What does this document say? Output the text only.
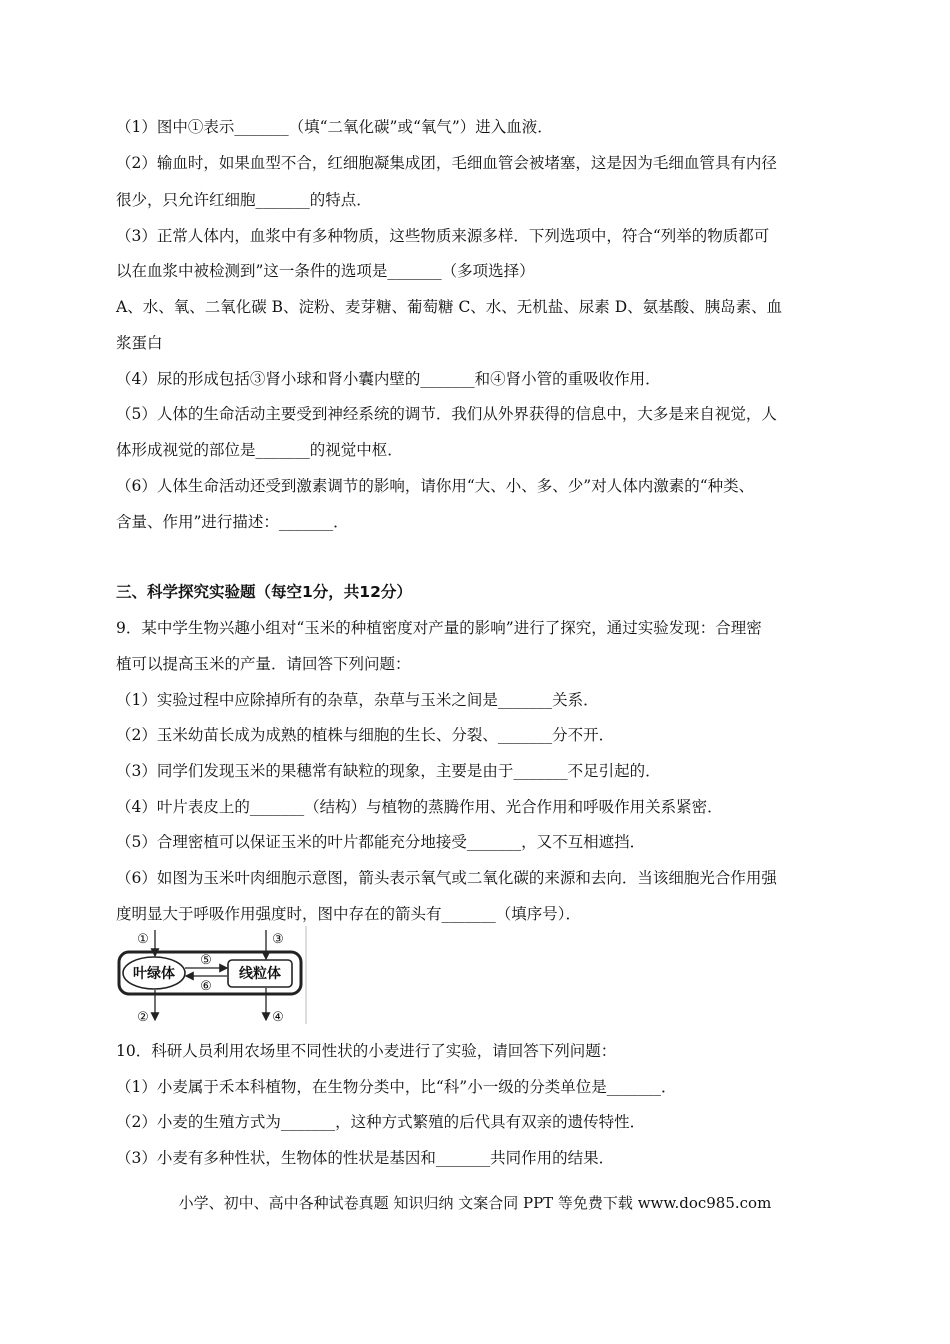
（1）图中①表示_______（填“二氧化碳”或“氧气”）进入血液．
（2）输血时，如果血型不合，红细胞凝集成团，毛细血管会被堵塞，这是因为毛细血管具有内径
很少，只允许红细胞_______的特点．
（3）正常人体内，血浆中有多种物质，这些物质来源多样．下列选项中，符合“列举的物质都可
以在血浆中被检测到”这一条件的选项是_______（多项选择）
A、水、氧、二氧化碳 B、淀粉、麦芽糖、葡萄糖 C、水、无机盐、尿素 D、氨基酸、胰岛素、血
浆蛋白
（4）尿的形成包括③肾小球和肾小囊内壁的_______和④肾小管的重吸收作用．
（5）人体的生命活动主要受到神经系统的调节．我们从外界获得的信息中，大多是来自视觉，人
体形成视觉的部位是_______的视觉中枢．
（6）人体生命活动还受到激素调节的影响，请你用“大、小、多、少”对人体内激素的“种类、
含量、作用”进行描述：_______．
三、科学探究实验题（每空1分，共12分）
9．某中学生物兴趣小组对“玉米的种植密度对产量的影响”进行了探究，通过实验发现：合理密
植可以提高玉米的产量．请回答下列问题：
（1）实验过程中应除掉所有的杂草，杂草与玉米之间是_______关系．
（2）玉米幼苗长成为成熟的植株与细胞的生长、分裂、_______分不开．
（3）同学们发现玉米的果穗常有缺粒的现象，主要是由于_______不足引起的．
（4）叶片表皮上的_______（结构）与植物的蒸腾作用、光合作用和呼吸作用关系紧密．
（5）合理密植可以保证玉米的叶片都能充分地接受_______，又不互相遮挡．
（6）如图为玉米叶肉细胞示意图，箭头表示氧气或二氧化碳的来源和去向．当该细胞光合作用强
度明显大于呼吸作用强度时，图中存在的箭头有_______（填序号）．
叶绿体	线粒体
①
②
③
④
⑤
⑥
10．科研人员利用农场里不同性状的小麦进行了实验，请回答下列问题：
（1）小麦属于禾本科植物，在生物分类中，比“科”小一级的分类单位是_______．
（2）小麦的生殖方式为_______，这种方式繁殖的后代具有双亲的遗传特性．
（3）小麦有多种性状，生物体的性状是基因和_______共同作用的结果．
小学、初中、高中各种试卷真题 知识归纳 文案合同 PPT 等免费下载 www.doc985.com
